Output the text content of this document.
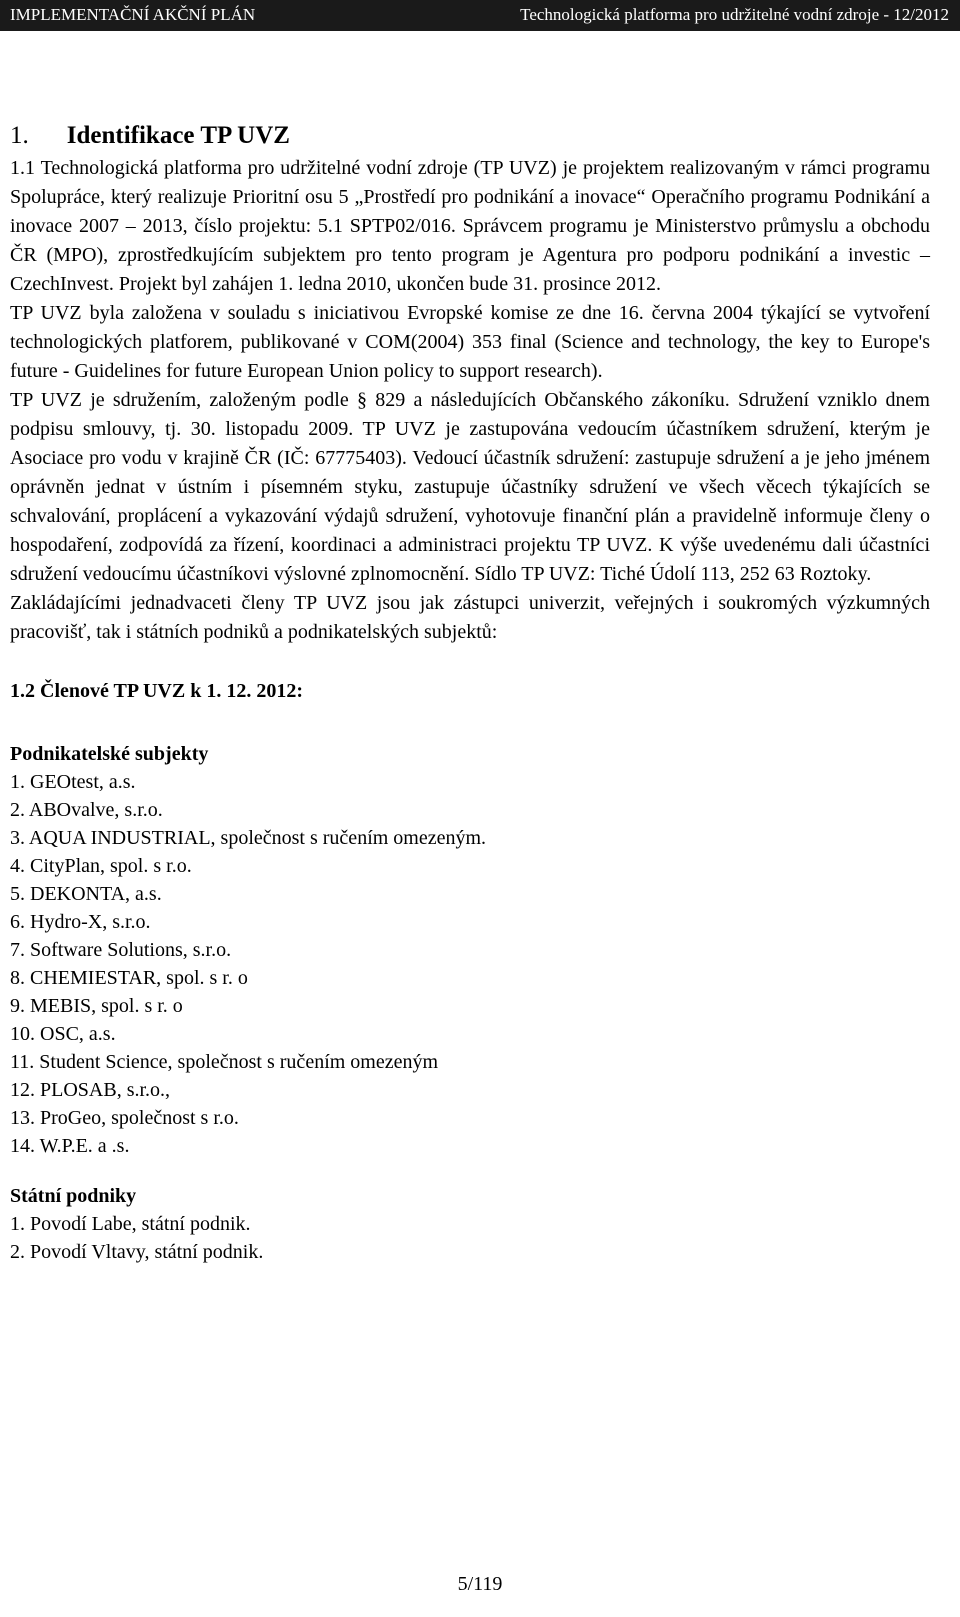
IMPLEMENTAČNÍ AKČNÍ PLÁN	Technologická platforma pro udržitelné vodní zdroje - 12/2012
1. Identifikace TP UVZ

1.1 Technologická platforma pro udržitelné vodní zdroje (TP UVZ) je projektem realizovaným v rámci programu Spolupráce, který realizuje Prioritní osu 5 „Prostředí pro podnikání a inovace“ Operačního programu Podnikání a inovace 2007 – 2013, číslo projektu: 5.1 SPTP02/016. Správcem programu je Ministerstvo průmyslu a obchodu ČR (MPO), zprostředkujícím subjektem pro tento program je Agentura pro podporu podnikání a investic – CzechInvest. Projekt byl zahájen 1. ledna 2010, ukončen bude 31. prosince 2012.

TP UVZ byla založena v souladu s iniciativou Evropské komise ze dne 16. června 2004 týkající se vytvoření technologických platforem, publikované v COM(2004) 353 final (Science and technology, the key to Europe's future - Guidelines for future European Union policy to support research).

TP UVZ je sdružením, založeným podle § 829 a následujících Občanského zákoníku. Sdružení vzniklo dnem podpisu smlouvy, tj. 30. listopadu 2009. TP UVZ je zastupována vedoucím účastníkem sdružení, kterým je Asociace pro vodu v krajině ČR (IČ: 67775403). Vedoucí účastník sdružení: zastupuje sdružení a je jeho jménem oprávněn jednat v ústním i písemném styku, zastupuje účastníky sdružení ve všech věcech týkajících se schvalování, proplácení a vykazování výdajů sdružení, vyhotovuje finanční plán a pravidelně informuje členy o hospodaření, zodpovídá za řízení, koordinaci a administraci projektu TP UVZ. K výše uvedenému dali účastníci sdružení vedoucímu účastníkovi výslovné zplnomocnění. Sídlo TP UVZ: Tiché Údolí 113, 252 63 Roztoky.

Zakládajícími jednadvaceti členy TP UVZ jsou jak zástupci univerzit, veřejných i soukromých výzkumných pracovišť, tak i státních podniků a podnikatelských subjektů:

1.2 Členové TP UVZ k 1. 12. 2012:
Podnikatelské subjekty
1. GEOtest, a.s.
2. ABOvalve, s.r.o.
3. AQUA INDUSTRIAL, společnost s ručením omezeným.
4. CityPlan, spol. s r.o.
5. DEKONTA, a.s.
6. Hydro-X, s.r.o.
7. Software Solutions, s.r.o.
8. CHEMIESTAR, spol. s r. o
9. MEBIS, spol. s r. o
10. OSC, a.s.
11. Student Science, společnost s ručením omezeným
12. PLOSAB, s.r.o.,
13. ProGeo, společnost s r.o.
14. W.P.E. a .s.
Státní podniky
1. Povodí Labe, státní podnik.
2. Povodí Vltavy, státní podnik.
5/119
